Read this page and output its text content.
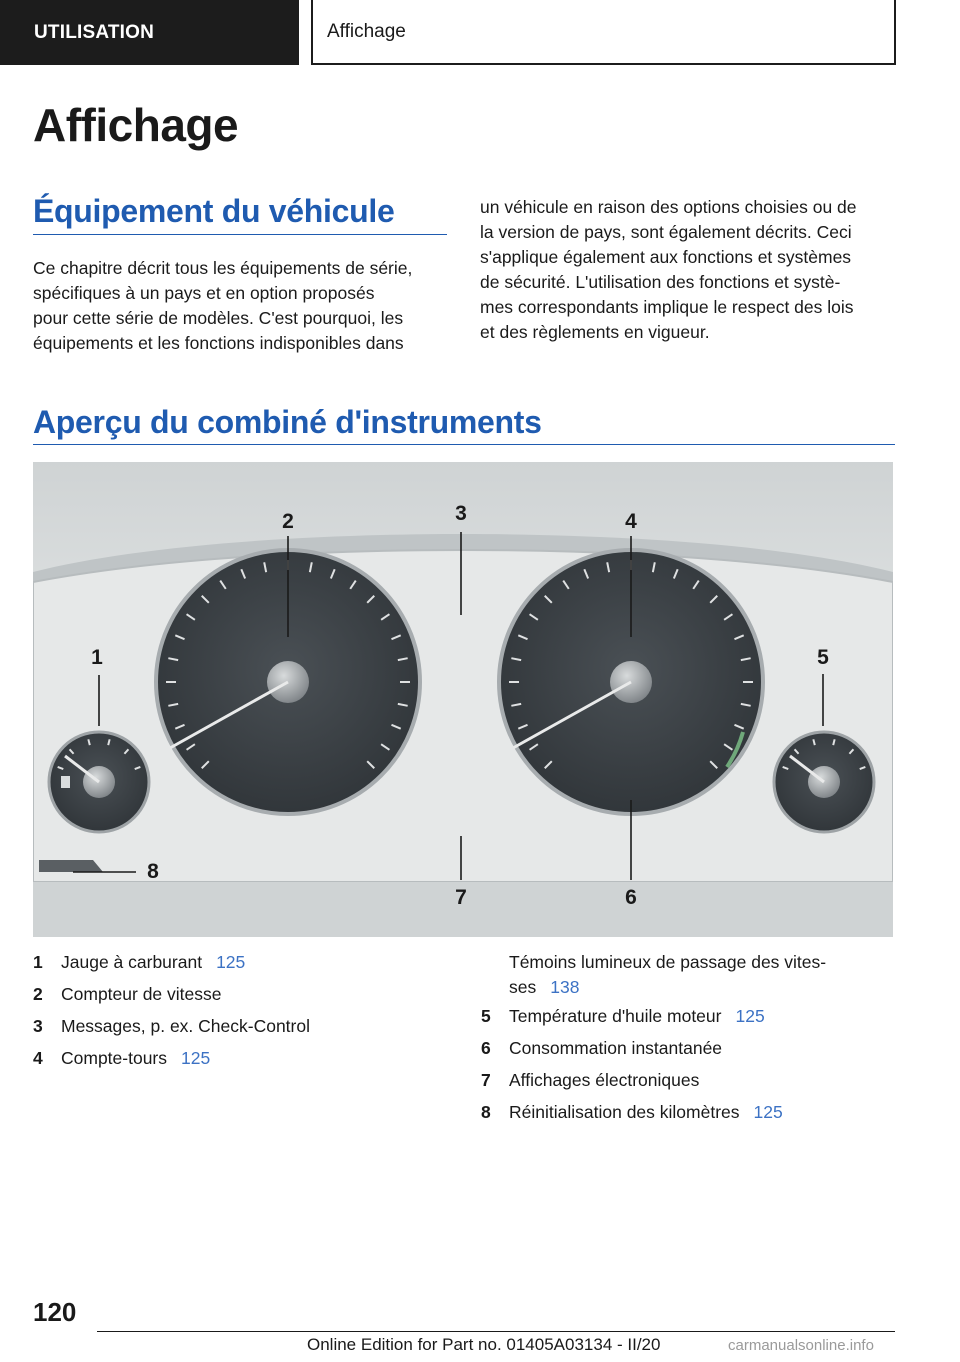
UTILISATION	Affichage
Affichage
Équipement du véhicule
Ce chapitre décrit tous les équipements de série,
spécifiques à un pays et en option proposés
pour cette série de modèles. C'est pourquoi, les
équipements et les fonctions indisponibles dans
un véhicule en raison des options choisies ou de
la version de pays, sont également décrits. Ceci
s'applique également aux fonctions et systèmes
de sécurité. L'utilisation des fonctions et systè-
mes correspondants implique le respect des lois
et des règlements en vigueur.
Aperçu du combiné d'instruments
1
2	3	4
5
6
7
8
1	Jauge à carburant 125
2	Compteur de vitesse
3	Messages, p. ex. Check-Control
4	Compte-tours 125
Témoins lumineux de passage des vites-
ses 138
5	Température d'huile moteur 125
6	Consommation instantanée
7	Affichages électroniques
8	Réinitialisation des kilomètres 125
120
Online Edition for Part no. 01405A03134 - II/20	carmanualsonline.info
